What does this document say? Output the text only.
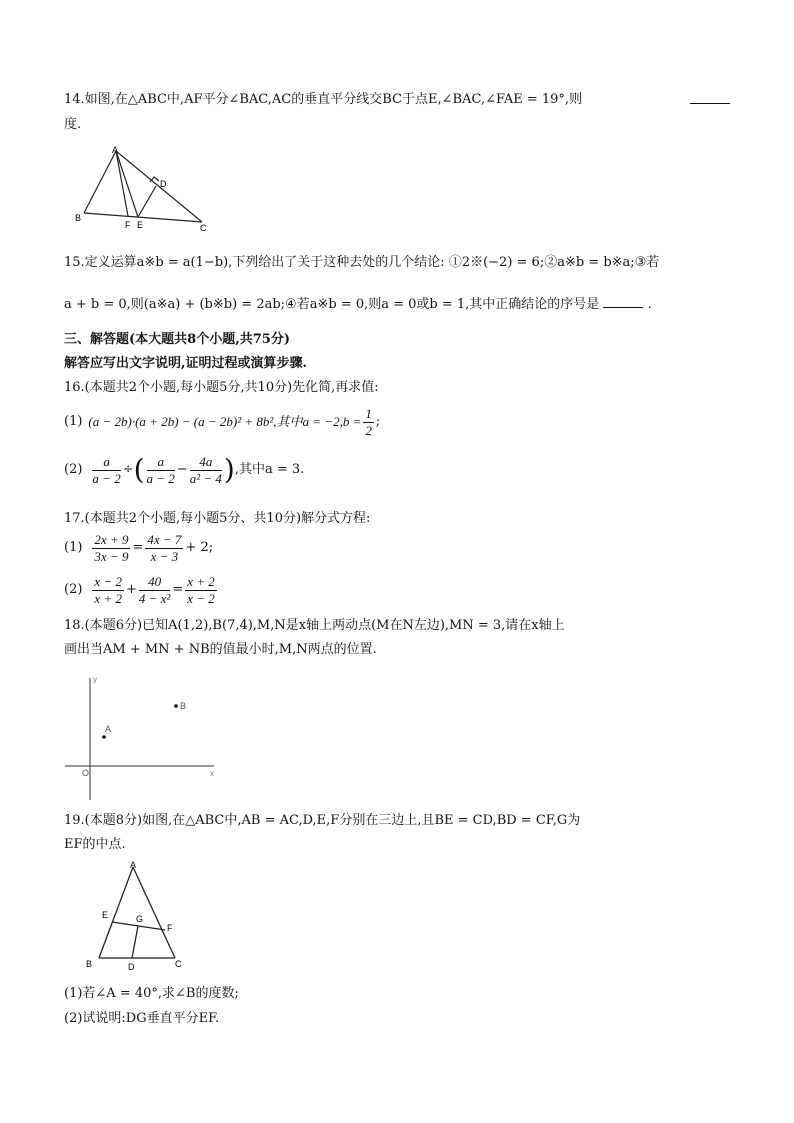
14.如图,在△ABC中,AF平分∠BAC,AC的垂直平分线交BC于点E,∠BAC,∠FAE = 19°,则
度.
A
B
C
D
E
F
15.定义运算a※b = a(1−b),下列给出了关于这种去处的几个结论: ①2※(−2) = 6;②a※b = b※a;③若
a + b = 0,则(a※a) + (b※b) = 2ab;④若a※b = 0,则a = 0或b = 1,其中正确结论的序号是	.
三、解答题(本大题共8个小题,共75分)
解答应写出文字说明,证明过程或演算步骤.
16.(本题共2个小题,每小题5分,共10分)先化简,再求值:
(1) (a − 2b)·(a + 2b) − (a − 2b)² + 8b²,其中$a = -2,b = \frac{1}{2}$ ;
$(2) \frac{a}{a - 2}$ ÷ ( $\frac{a}{a - 2} - \frac{4a}{\text{a² − 4}}$ ) ,其中a = 3.
17.(本题共2个小题,每小题5分、共10分)解分式方程:
$(1) \frac{2x + 9}{3x - 9} = \frac{4x - 7}{x - 3} + 2$;
$(2) \frac{x - 2}{x + 2} + \frac{40}{\text{4 − x²}} = \frac{x + 2}{x - 2}$
18.(本题6分)已知A(1,2),B(7,4),M,N是x轴上两动点(M在N左边),MN = 3,请在x轴上
画出当AM + MN + NB的值最小时,M,N两点的位置.
A
B
O	x
y
19.(本题8分)如图,在△ABC中,AB = AC,D,E,F分别在三边上,且BE = CD,BD = CF,G为
EF的中点.
A
B	C
D
E
F
G
(1)若∠A = 40°,求∠B的度数;
(2)试说明:DG垂直平分EF.
